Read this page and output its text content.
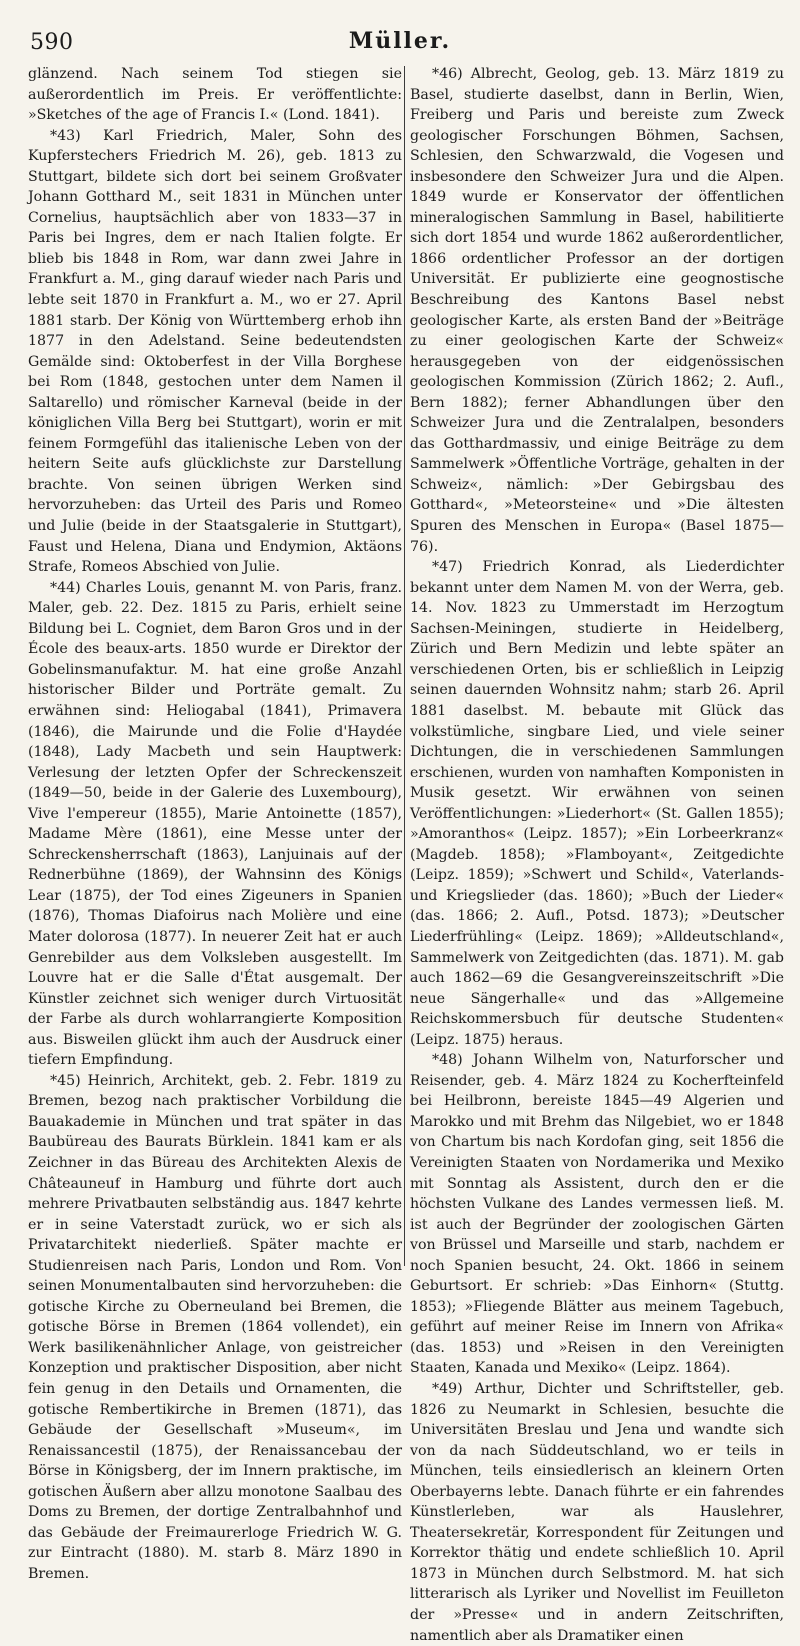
590	Müller.

glänzend. Nach seinem Tod stiegen sie außerordentlich im Preis. Er veröffentlichte: »Sketches of the age of Francis I.« (Lond. 1841).

*43) Karl Friedrich, Maler, Sohn des Kupferstechers Friedrich M. 26), geb. 1813 zu Stuttgart, bildete sich dort bei seinem Großvater Johann Gotthard M., seit 1831 in München unter Cornelius, hauptsächlich aber von 1833—37 in Paris bei Ingres, dem er nach Italien folgte. Er blieb bis 1848 in Rom, war dann zwei Jahre in Frankfurt a. M., ging darauf wieder nach Paris und lebte seit 1870 in Frankfurt a. M., wo er 27. April 1881 starb. Der König von Württemberg erhob ihn 1877 in den Adelstand. Seine bedeutendsten Gemälde sind: Oktoberfest in der Villa Borghese bei Rom (1848, gestochen unter dem Namen il Saltarello) und römischer Karneval (beide in der königlichen Villa Berg bei Stuttgart), worin er mit feinem Formgefühl das italienische Leben von der heitern Seite aufs glücklichste zur Darstellung brachte. Von seinen übrigen Werken sind hervorzuheben: das Urteil des Paris und Romeo und Julie (beide in der Staatsgalerie in Stuttgart), Faust und Helena, Diana und Endymion, Aktäons Strafe, Romeos Abschied von Julie.

*44) Charles Louis, genannt M. von Paris, franz. Maler, geb. 22. Dez. 1815 zu Paris, erhielt seine Bildung bei L. Cogniet, dem Baron Gros und in der École des beaux-arts. 1850 wurde er Direktor der Gobelinsmanufaktur. M. hat eine große Anzahl historischer Bilder und Porträte gemalt. Zu erwähnen sind: Heliogabal (1841), Primavera (1846), die Mairunde und die Folie d'Haydée (1848), Lady Macbeth und sein Hauptwerk: Verlesung der letzten Opfer der Schreckenszeit (1849—50, beide in der Galerie des Luxembourg), Vive l'empereur (1855), Marie Antoinette (1857), Madame Mère (1861), eine Messe unter der Schreckensherrschaft (1863), Lanjuinais auf der Rednerbühne (1869), der Wahnsinn des Königs Lear (1875), der Tod eines Zigeuners in Spanien (1876), Thomas Diafoirus nach Molière und eine Mater dolorosa (1877). In neuerer Zeit hat er auch Genrebilder aus dem Volksleben ausgestellt. Im Louvre hat er die Salle d'État ausgemalt. Der Künstler zeichnet sich weniger durch Virtuosität der Farbe als durch wohlarrangierte Komposition aus. Bisweilen glückt ihm auch der Ausdruck einer tiefern Empfindung.

*45) Heinrich, Architekt, geb. 2. Febr. 1819 zu Bremen, bezog nach praktischer Vorbildung die Bauakademie in München und trat später in das Baubüreau des Baurats Bürklein. 1841 kam er als Zeichner in das Büreau des Architekten Alexis de Châteauneuf in Hamburg und führte dort auch mehrere Privatbauten selbständig aus. 1847 kehrte er in seine Vaterstadt zurück, wo er sich als Privatarchitekt niederließ. Später machte er Studienreisen nach Paris, London und Rom. Von seinen Monumentalbauten sind hervorzuheben: die gotische Kirche zu Oberneuland bei Bremen, die gotische Börse in Bremen (1864 vollendet), ein Werk basilikenähnlicher Anlage, von geistreicher Konzeption und praktischer Disposition, aber nicht fein genug in den Details und Ornamenten, die gotische Rembertikirche in Bremen (1871), das Gebäude der Gesellschaft »Museum«, im Renaissancestil (1875), der Renaissancebau der Börse in Königsberg, der im Innern praktische, im gotischen Äußern aber allzu monotone Saalbau des Doms zu Bremen, der dortige Zentralbahnhof und das Gebäude der Freimaurerloge Friedrich W. G. zur Eintracht (1880). M. starb 8. März 1890 in Bremen.

*46) Albrecht, Geolog, geb. 13. März 1819 zu Basel, studierte daselbst, dann in Berlin, Wien, Freiberg und Paris und bereiste zum Zweck geologischer Forschungen Böhmen, Sachsen, Schlesien, den Schwarzwald, die Vogesen und insbesondere den Schweizer Jura und die Alpen. 1849 wurde er Konservator der öffentlichen mineralogischen Sammlung in Basel, habilitierte sich dort 1854 und wurde 1862 außerordentlicher, 1866 ordentlicher Professor an der dortigen Universität. Er publizierte eine geognostische Beschreibung des Kantons Basel nebst geologischer Karte, als ersten Band der »Beiträge zu einer geologischen Karte der Schweiz« herausgegeben von der eidgenössischen geologischen Kommission (Zürich 1862; 2. Aufl., Bern 1882); ferner Abhandlungen über den Schweizer Jura und die Zentralalpen, besonders das Gotthardmassiv, und einige Beiträge zu dem Sammelwerk »Öffentliche Vorträge, gehalten in der Schweiz«, nämlich: »Der Gebirgsbau des Gotthard«, »Meteorsteine« und »Die ältesten Spuren des Menschen in Europa« (Basel 1875—76).

*47) Friedrich Konrad, als Liederdichter bekannt unter dem Namen M. von der Werra, geb. 14. Nov. 1823 zu Ummerstadt im Herzogtum Sachsen-Meiningen, studierte in Heidelberg, Zürich und Bern Medizin und lebte später an verschiedenen Orten, bis er schließlich in Leipzig seinen dauernden Wohnsitz nahm; starb 26. April 1881 daselbst. M. bebaute mit Glück das volkstümliche, singbare Lied, und viele seiner Dichtungen, die in verschiedenen Sammlungen erschienen, wurden von namhaften Komponisten in Musik gesetzt. Wir erwähnen von seinen Veröffentlichungen: »Liederhort« (St. Gallen 1855); »Amoranthos« (Leipz. 1857); »Ein Lorbeerkranz« (Magdeb. 1858); »Flamboyant«, Zeitgedichte (Leipz. 1859); »Schwert und Schild«, Vaterlands- und Kriegslieder (das. 1860); »Buch der Lieder« (das. 1866; 2. Aufl., Potsd. 1873); »Deutscher Liederfrühling« (Leipz. 1869); »Alldeutschland«, Sammelwerk von Zeitgedichten (das. 1871). M. gab auch 1862—69 die Gesangvereinszeitschrift »Die neue Sängerhalle« und das »Allgemeine Reichskommersbuch für deutsche Studenten« (Leipz. 1875) heraus.

*48) Johann Wilhelm von, Naturforscher und Reisender, geb. 4. März 1824 zu Kocherfteinfeld bei Heilbronn, bereiste 1845—49 Algerien und Marokko und mit Brehm das Nilgebiet, wo er 1848 von Chartum bis nach Kordofan ging, seit 1856 die Vereinigten Staaten von Nordamerika und Mexiko mit Sonntag als Assistent, durch den er die höchsten Vulkane des Landes vermessen ließ. M. ist auch der Begründer der zoologischen Gärten von Brüssel und Marseille und starb, nachdem er noch Spanien besucht, 24. Okt. 1866 in seinem Geburtsort. Er schrieb: »Das Einhorn« (Stuttg. 1853); »Fliegende Blätter aus meinem Tagebuch, geführt auf meiner Reise im Innern von Afrika« (das. 1853) und »Reisen in den Vereinigten Staaten, Kanada und Mexiko« (Leipz. 1864).

*49) Arthur, Dichter und Schriftsteller, geb. 1826 zu Neumarkt in Schlesien, besuchte die Universitäten Breslau und Jena und wandte sich von da nach Süddeutschland, wo er teils in München, teils einsiedlerisch an kleinern Orten Oberbayerns lebte. Danach führte er ein fahrendes Künstlerleben, war als Hauslehrer, Theatersekretär, Korrespondent für Zeitungen und Korrektor thätig und endete schließlich 10. April 1873 in München durch Selbstmord. M. hat sich litterarisch als Lyriker und Novellist im Feuilleton der »Presse« und in andern Zeitschriften, namentlich aber als Dramatiker einen
